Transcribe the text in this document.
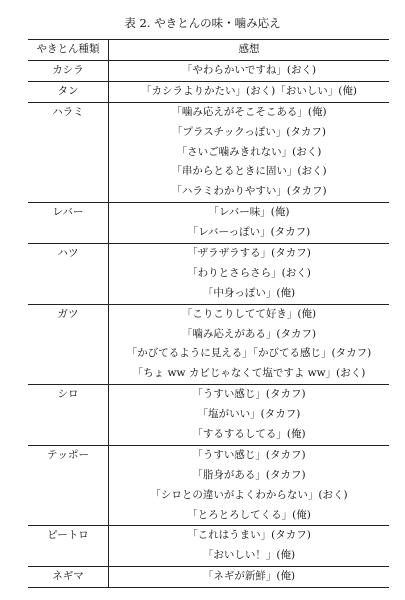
表 2. やきとんの味・噛み応え
やきとん種類	感想
カシラ	「やわらかいですね」(おく)

タン	「カシラよりかたい」(おく)「おいしい」(俺)

ハラミ	「噛み応えがそこそこある」(俺)
「プラスチックっぽい」(タカフ)
「さいご噛みきれない」(おく)
「串からとるときに固い」(おく)
「ハラミわかりやすい」(タカフ)

レバー	「レバー味」(俺)
「レバーっぽい」(タカフ)

ハツ	「ザラザラする」(タカフ)
「わりとさらさら」(おく)
「中身っぽい」(俺)

ガツ	「こりこりしてて好き」(俺)
「噛み応えがある」(タカフ)
「かびてるように見える」「かびてる感じ」(タカフ)
「ちょ ww カビじゃなくて塩ですよ ww」(おく)

シロ	「うすい感じ」(タカフ)
「塩がいい」(タカフ)
「するするしてる」(俺)

テッポー	「うすい感じ」(タカフ)
「脂身がある」(タカフ)
「シロとの違いがよくわからない」(おく)
「とろとろしてくる」(俺)

ピートロ	「これはうまい」(タカフ)
「おいしい！」(俺)

ネギマ	「ネギが新鮮」(俺)
